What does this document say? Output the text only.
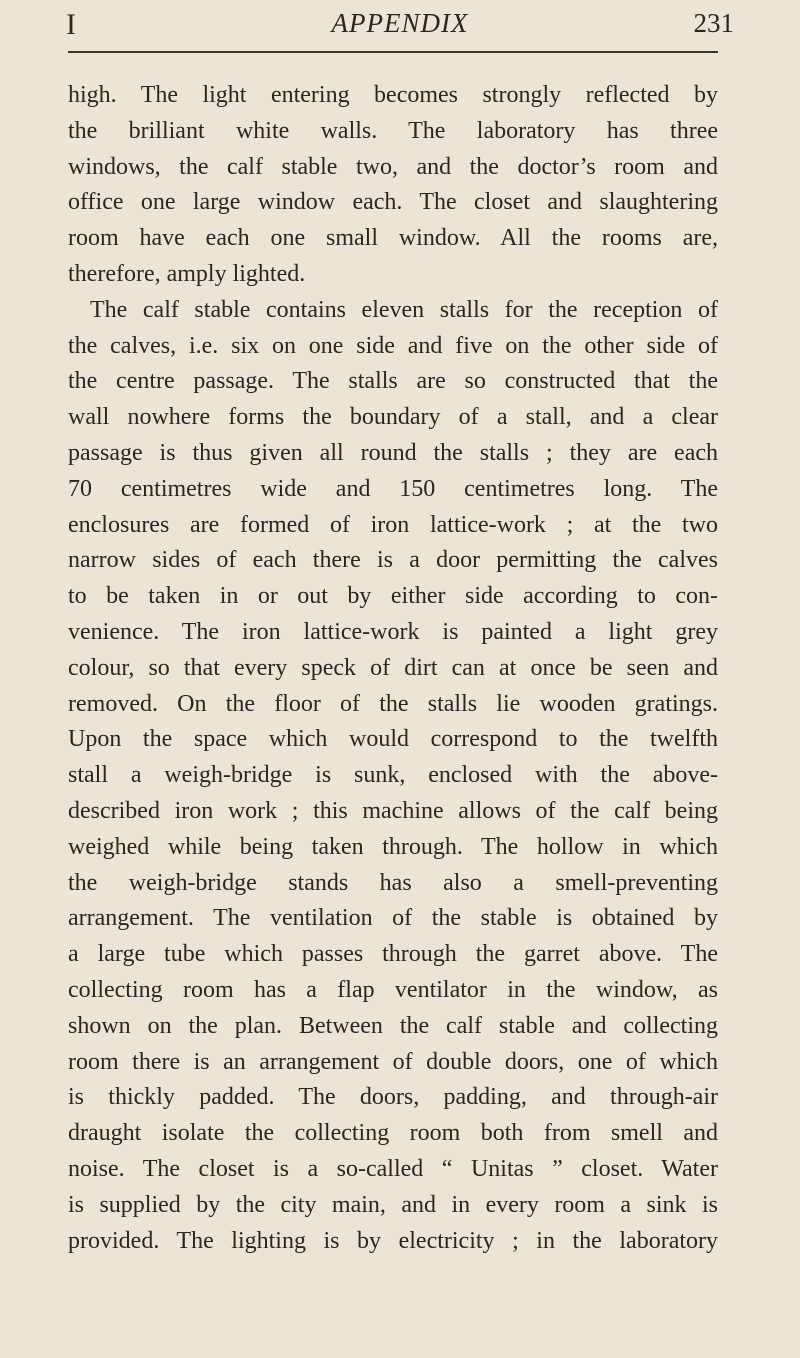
I	APPENDIX	231
high. The light entering becomes strongly reflected by
the brilliant white walls. The laboratory has three
windows, the calf stable two, and the doctor’s room and
office one large window each. The closet and slaughtering
room have each one small window. All the rooms are,
therefore, amply lighted.
The calf stable contains eleven stalls for the reception of
the calves, i.e. six on one side and five on the other side of
the centre passage. The stalls are so constructed that the
wall nowhere forms the boundary of a stall, and a clear
passage is thus given all round the stalls ; they are each
70 centimetres wide and 150 centimetres long. The
enclosures are formed of iron lattice-work ; at the two
narrow sides of each there is a door permitting the calves
to be taken in or out by either side according to con-
venience. The iron lattice-work is painted a light grey
colour, so that every speck of dirt can at once be seen and
removed. On the floor of the stalls lie wooden gratings.
Upon the space which would correspond to the twelfth
stall a weigh-bridge is sunk, enclosed with the above-
described iron work ; this machine allows of the calf being
weighed while being taken through. The hollow in which
the weigh-bridge stands has also a smell-preventing
arrangement. The ventilation of the stable is obtained by
a large tube which passes through the garret above. The
collecting room has a flap ventilator in the window, as
shown on the plan. Between the calf stable and collecting
room there is an arrangement of double doors, one of which
is thickly padded. The doors, padding, and through-air
draught isolate the collecting room both from smell and
noise. The closet is a so-called “ Unitas ” closet. Water
is supplied by the city main, and in every room a sink is
provided. The lighting is by electricity ; in the laboratory
